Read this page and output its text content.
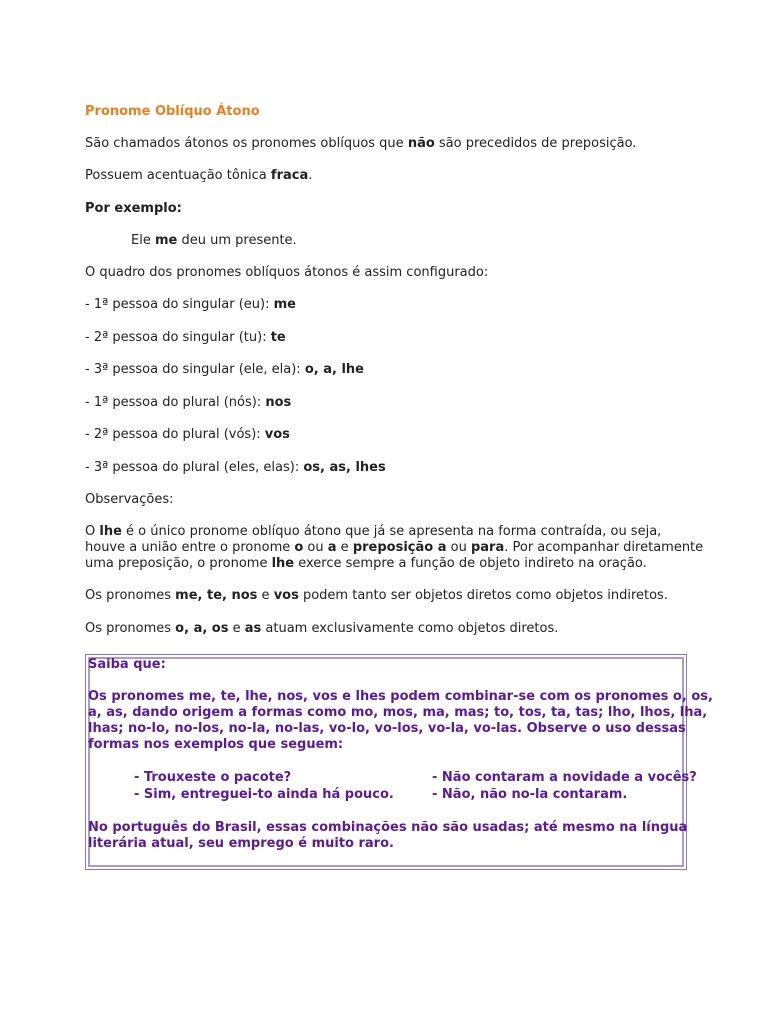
Pronome Oblíquo Átono
São chamados átonos os pronomes oblíquos que não são precedidos de preposição.
Possuem acentuação tônica fraca.
Por exemplo:
Ele me deu um presente.
O quadro dos pronomes oblíquos átonos é assim configurado:
- 1ª pessoa do singular (eu): me
- 2ª pessoa do singular (tu): te
- 3ª pessoa do singular (ele, ela): o, a, lhe
- 1ª pessoa do plural (nós): nos
- 2ª pessoa do plural (vós): vos
- 3ª pessoa do plural (eles, elas): os, as, lhes
Observações:
O lhe é o único pronome oblíquo átono que já se apresenta na forma contraída, ou seja,
houve a união entre o pronome o ou a e preposição a ou para. Por acompanhar diretamente
uma preposição, o pronome lhe exerce sempre a função de objeto indireto na oração.
Os pronomes me, te, nos e vos podem tanto ser objetos diretos como objetos indiretos.
Os pronomes o, a, os e as atuam exclusivamente como objetos diretos.
Saiba que:
Os pronomes me, te, lhe, nos, vos e lhes podem combinar-se com os pronomes o, os,
a, as, dando origem a formas como mo, mos, ma, mas; to, tos, ta, tas; lho, lhos, lha,
lhas; no-lo, no-los, no-la, no-las, vo-lo, vo-los, vo-la, vo-las. Observe o uso dessas
formas nos exemplos que seguem:
- Trouxeste o pacote?	- Não contaram a novidade a vocês?
- Sim, entreguei-to ainda há pouco.	- Não, não no-la contaram.
No português do Brasil, essas combinações não são usadas; até mesmo na língua
literária atual, seu emprego é muito raro.
